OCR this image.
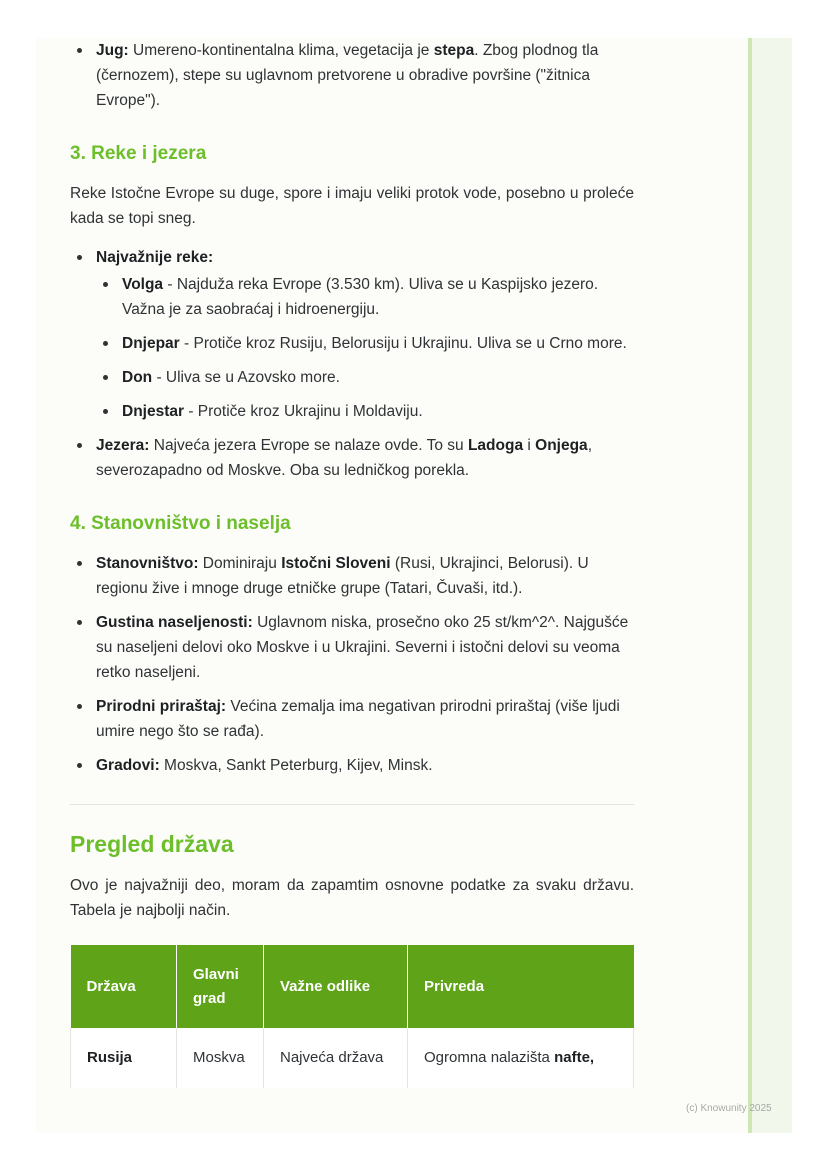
Jug: Umereno-kontinentalna klima, vegetacija je stepa. Zbog plodnog tla (černozem), stepe su uglavnom pretvorene u obradive površine ("žitnica Evrope").
3. Reke i jezera

Reke Istočne Evrope su duge, spore i imaju veliki protok vode, posebno u proleće kada se topi sneg.

Najvažnije reke:
Volga - Najduža reka Evrope (3.530 km). Uliva se u Kaspijsko jezero. Važna je za saobraćaj i hidroenergiju.
Dnjepar - Protiče kroz Rusiju, Belorusiju i Ukrajinu. Uliva se u Crno more.
Don - Uliva se u Azovsko more.
Dnjestar - Protiče kroz Ukrajinu i Moldaviju.
Jezera: Najveća jezera Evrope se nalaze ovde. To su Ladoga i Onjega, severozapadno od Moskve. Oba su ledničkog porekla.
4. Stanovništvo i naselja
Stanovništvo: Dominiraju Istočni Sloveni (Rusi, Ukrajinci, Belorusi). U regionu žive i mnoge druge etničke grupe (Tatari, Čuvaši, itd.).
Gustina naseljenosti: Uglavnom niska, prosečno oko 25 st/km^2^. Najgušće su naseljeni delovi oko Moskve i u Ukrajini. Severni i istočni delovi su veoma retko naseljeni.
Prirodni priraštaj: Većina zemalja ima negativan prirodni priraštaj (više ljudi umire nego što se rađa).
Gradovi: Moskva, Sankt Peterburg, Kijev, Minsk.
Pregled država

Ovo je najvažniji deo, moram da zapamtim osnovne podatke za svaku državu. Tabela je najbolji način.

Država	Glavni grad	Važne odlike	Privreda
Rusija	Moskva	Najveća država	Ogromna nalazišta nafte,
(c) Knowunity 2025
